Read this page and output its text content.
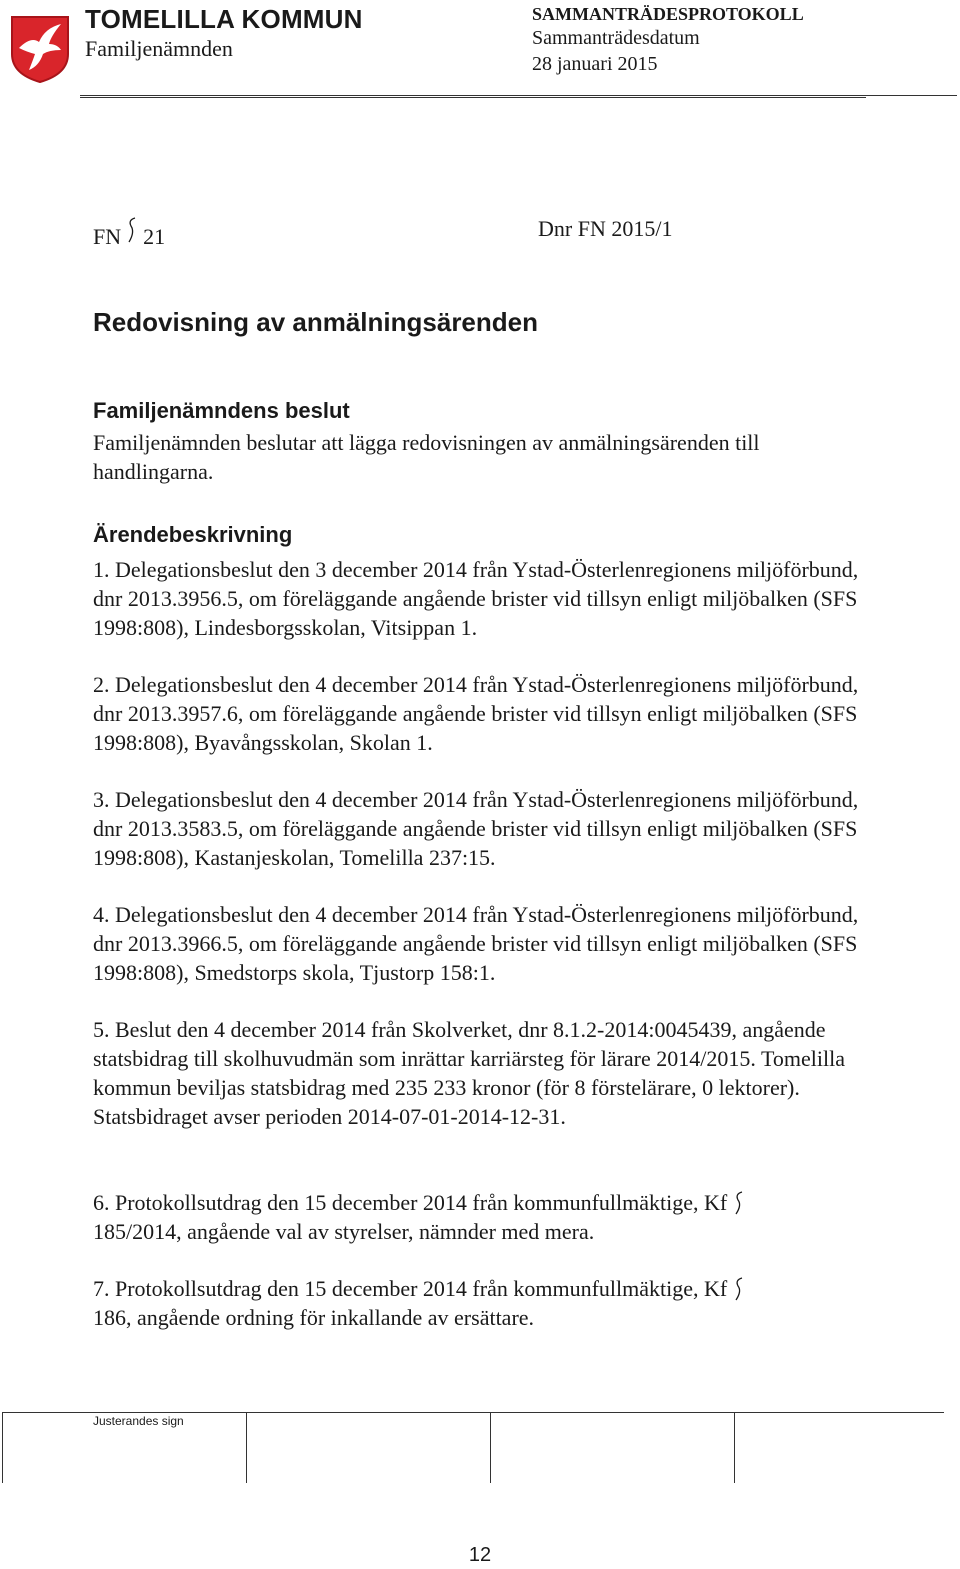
TOMELILLA KOMMUN
Familjenämnden
SAMMANTRÄDESPROTOKOLL
Sammanträdesdatum
28 januari 2015
FN 21	Dnr FN 2015/1
Redovisning av anmälningsärenden
Familjenämndens beslut
Familjenämnden beslutar att lägga redovisningen av anmälningsärenden till handlingarna.
Ärendebeskrivning
1. Delegationsbeslut den 3 december 2014 från Ystad-Österlenregionens miljöförbund, dnr 2013.3956.5, om föreläggande angående brister vid tillsyn enligt miljöbalken (SFS 1998:808), Lindesborgsskolan, Vitsippan 1.
2. Delegationsbeslut den 4 december 2014 från Ystad-Österlenregionens miljöförbund, dnr 2013.3957.6, om föreläggande angående brister vid tillsyn enligt miljöbalken (SFS 1998:808), Byavångsskolan, Skolan 1.
3. Delegationsbeslut den 4 december 2014 från Ystad-Österlenregionens miljöförbund, dnr 2013.3583.5, om föreläggande angående brister vid tillsyn enligt miljöbalken (SFS 1998:808), Kastanjeskolan, Tomelilla 237:15.
4. Delegationsbeslut den 4 december 2014 från Ystad-Österlenregionens miljöförbund, dnr 2013.3966.5, om föreläggande angående brister vid tillsyn enligt miljöbalken (SFS 1998:808), Smedstorps skola, Tjustorp 158:1.
5. Beslut den 4 december 2014 från Skolverket, dnr 8.1.2-2014:0045439, angående statsbidrag till skolhuvudmän som inrättar karriärsteg för lärare 2014/2015. Tomelilla kommun beviljas statsbidrag med 235 233 kronor (för 8 förstelärare, 0 lektorer). Statsbidraget avser perioden 2014-07-01-2014-12-31.
6. Protokollsutdrag den 15 december 2014 från kommunfullmäktige, Kf
185/2014, angående val av styrelser, nämnder med mera.
7. Protokollsutdrag den 15 december 2014 från kommunfullmäktige, Kf
186, angående ordning för inkallande av ersättare.
Justerandes sign
12
